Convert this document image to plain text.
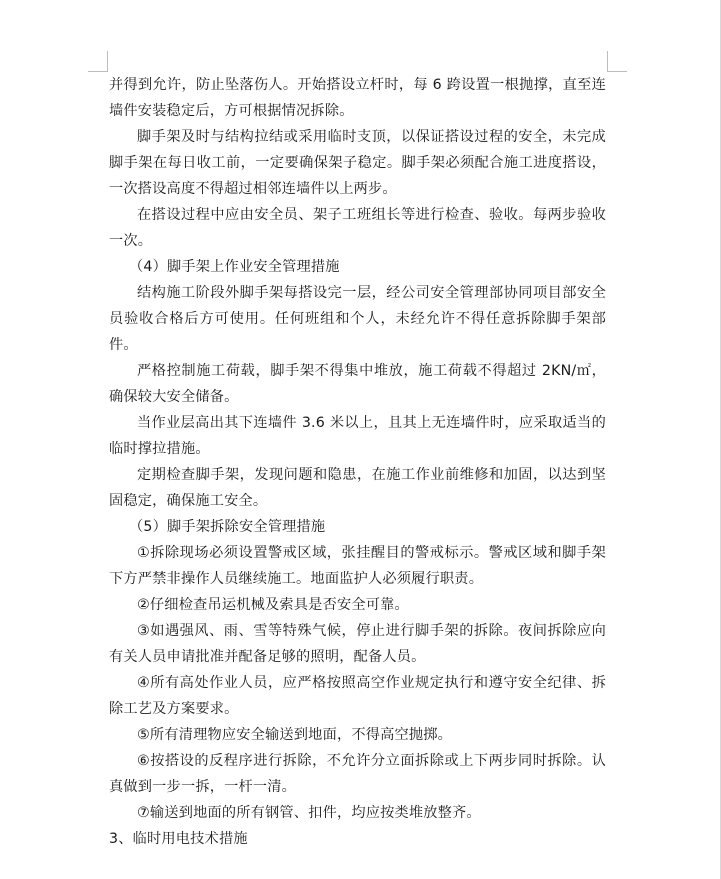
并得到允许，防止坠落伤人。开始搭设立杆时，每 6 跨设置一根抛撑，直至连墙件安装稳定后，方可根据情况拆除。

脚手架及时与结构拉结或采用临时支顶，以保证搭设过程的安全，未完成脚手架在每日收工前，一定要确保架子稳定。脚手架必须配合施工进度搭设，一次搭设高度不得超过相邻连墙件以上两步。

在搭设过程中应由安全员、架子工班组长等进行检查、验收。每两步验收一次。

（4）脚手架上作业安全管理措施

结构施工阶段外脚手架每搭设完一层，经公司安全管理部协同项目部安全员验收合格后方可使用。任何班组和个人，未经允许不得任意拆除脚手架部件。

严格控制施工荷载，脚手架不得集中堆放，施工荷载不得超过 2KN/㎡，确保较大安全储备。

当作业层高出其下连墙件 3.6 米以上，且其上无连墙件时，应采取适当的临时撑拉措施。

定期检查脚手架，发现问题和隐患，在施工作业前维修和加固，以达到坚固稳定，确保施工安全。

（5）脚手架拆除安全管理措施

①拆除现场必须设置警戒区域，张挂醒目的警戒标示。警戒区域和脚手架下方严禁非操作人员继续施工。地面监护人必须履行职责。

②仔细检查吊运机械及索具是否安全可靠。

③如遇强风、雨、雪等特殊气候，停止进行脚手架的拆除。夜间拆除应向有关人员申请批准并配备足够的照明，配备人员。

④所有高处作业人员，应严格按照高空作业规定执行和遵守安全纪律、拆除工艺及方案要求。

⑤所有清理物应安全输送到地面，不得高空抛掷。

⑥按搭设的反程序进行拆除，不允许分立面拆除或上下两步同时拆除。认真做到一步一拆，一杆一清。

⑦输送到地面的所有钢管、扣件，均应按类堆放整齐。

3、临时用电技术措施
